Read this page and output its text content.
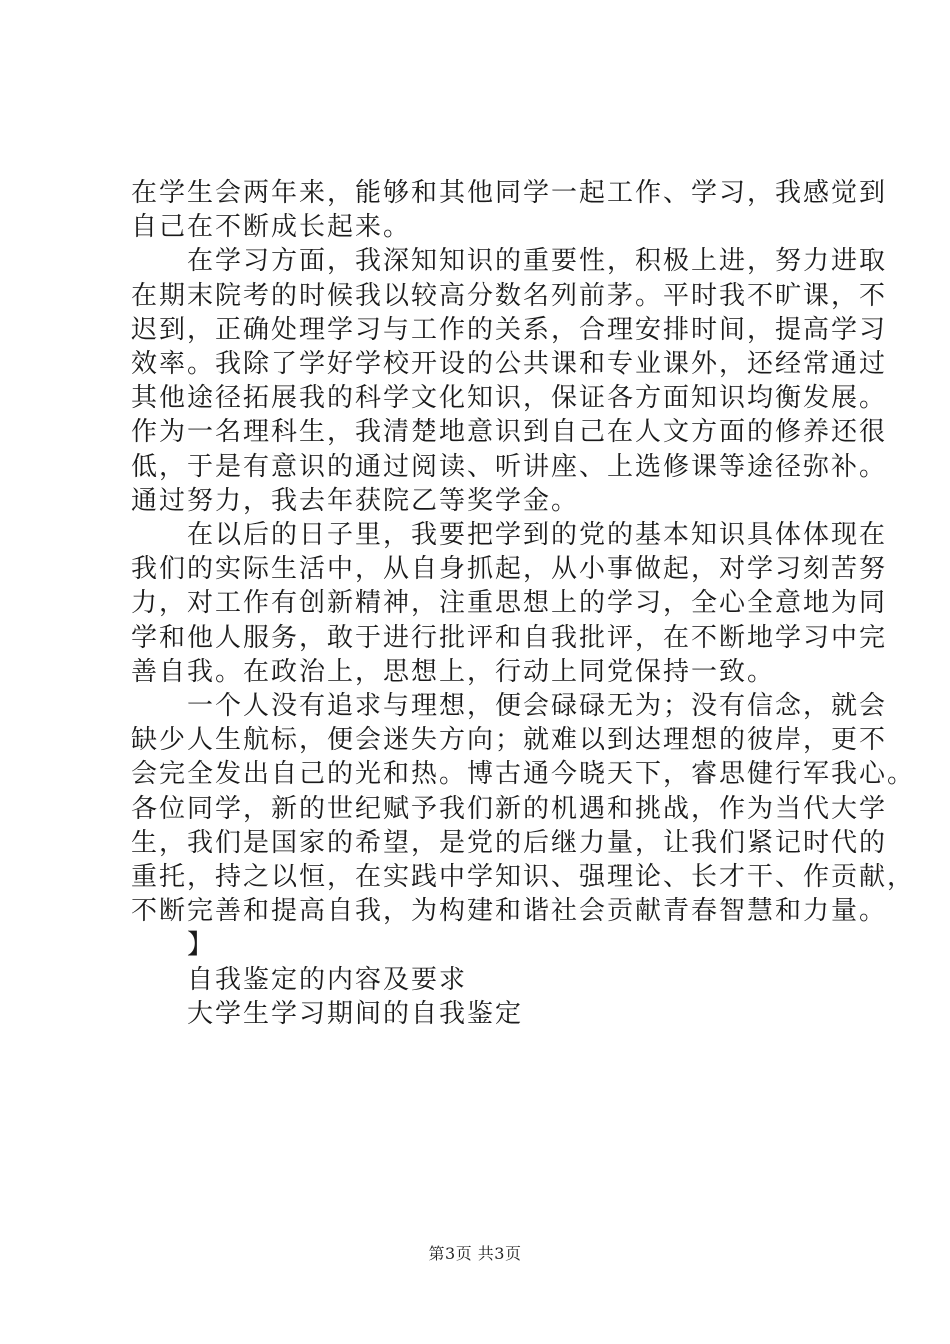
在学生会两年来，能够和其他同学一起工作、学习，我感觉到
自己在不断成长起来。
　　在学习方面，我深知知识的重要性，积极上进，努力进取
在期末院考的时候我以较高分数名列前茅。平时我不旷课，不
迟到，正确处理学习与工作的关系，合理安排时间，提高学习
效率。我除了学好学校开设的公共课和专业课外，还经常通过
其他途径拓展我的科学文化知识，保证各方面知识均衡发展。
作为一名理科生，我清楚地意识到自己在人文方面的修养还很
低，于是有意识的通过阅读、听讲座、上选修课等途径弥补。
通过努力，我去年获院乙等奖学金。
　　在以后的日子里，我要把学到的党的基本知识具体体现在
我们的实际生活中，从自身抓起，从小事做起，对学习刻苦努
力，对工作有创新精神，注重思想上的学习，全心全意地为同
学和他人服务，敢于进行批评和自我批评，在不断地学习中完
善自我。在政治上，思想上，行动上同党保持一致。
　　一个人没有追求与理想，便会碌碌无为；没有信念，就会
缺少人生航标，便会迷失方向；就难以到达理想的彼岸，更不
会完全发出自己的光和热。博古通今晓天下，睿思健行军我心。
各位同学，新的世纪赋予我们新的机遇和挑战，作为当代大学
生，我们是国家的希望，是党的后继力量，让我们紧记时代的
重托，持之以恒，在实践中学知识、强理论、长才干、作贡献，
不断完善和提高自我，为构建和谐社会贡献青春智慧和力量。
　　】
　　自我鉴定的内容及要求
　　大学生学习期间的自我鉴定
第3页 共3页
